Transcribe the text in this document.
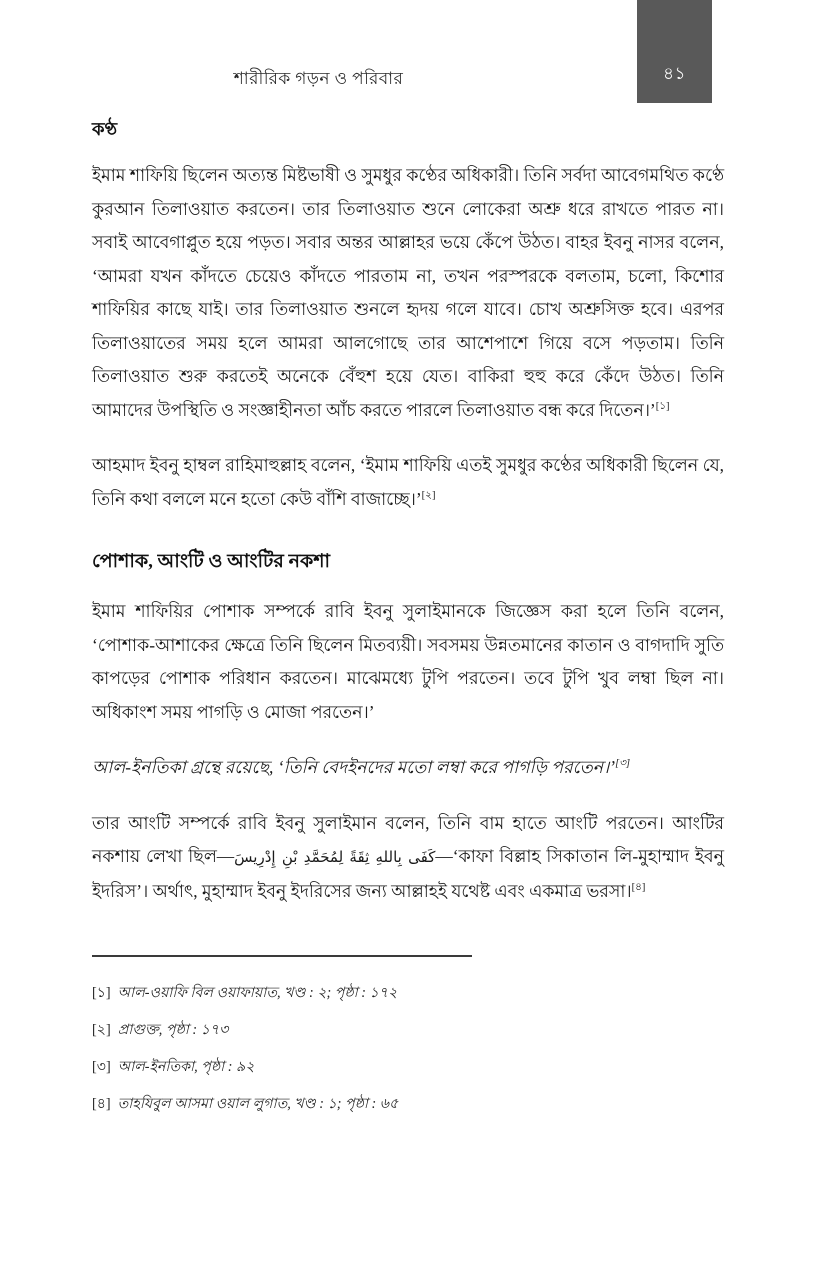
৪১
শারীরিক গড়ন ও পরিবার
কণ্ঠ

ইমাম শাফিয়ি ছিলেন অত্যন্ত মিষ্টভাষী ও সুমধুর কণ্ঠের অধিকারী। তিনি সর্বদা আবেগমথিত কণ্ঠে কুরআন তিলাওয়াত করতেন। তার তিলাওয়াত শুনে লোকেরা অশ্রু ধরে রাখতে পারত না। সবাই আবেগাপ্লুত হয়ে পড়ত। সবার অন্তর আল্লাহর ভয়ে কেঁপে উঠত। বাহর ইবনু নাসর বলেন, ‘আমরা যখন কাঁদতে চেয়েও কাঁদতে পারতাম না, তখন পরস্পরকে বলতাম, চলো, কিশোর শাফিয়ির কাছে যাই। তার তিলাওয়াত শুনলে হৃদয় গলে যাবে। চোখ অশ্রুসিক্ত হবে। এরপর তিলাওয়াতের সময় হলে আমরা আলগোছে তার আশেপাশে গিয়ে বসে পড়তাম। তিনি তিলাওয়াত শুরু করতেই অনেকে বেঁহুশ হয়ে যেত। বাকিরা হুহু করে কেঁদে উঠত। তিনি আমাদের উপস্থিতি ও সংজ্ঞাহীনতা আঁচ করতে পারলে তিলাওয়াত বন্ধ করে দিতেন।’[১]

আহমাদ ইবনু হাম্বল রাহিমাহুল্লাহ বলেন, ‘ইমাম শাফিয়ি এতই সুমধুর কণ্ঠের অধিকারী ছিলেন যে, তিনি কথা বললে মনে হতো কেউ বাঁশি বাজাচ্ছে।’[২]

পোশাক, আংটি ও আংটির নকশা

ইমাম শাফিয়ির পোশাক সম্পর্কে রাবি ইবনু সুলাইমানকে জিজ্ঞেস করা হলে তিনি বলেন, ‘পোশাক-আশাকের ক্ষেত্রে তিনি ছিলেন মিতব্যয়ী। সবসময় উন্নতমানের কাতান ও বাগদাদি সুতি কাপড়ের পোশাক পরিধান করতেন। মাঝেমধ্যে টুপি পরতেন। তবে টুপি খুব লম্বা ছিল না। অধিকাংশ সময় পাগড়ি ও মোজা পরতেন।’

আল-ইনতিকা গ্রন্থে রয়েছে, ‘তিনি বেদইনদের মতো লম্বা করে পাগড়ি পরতেন।’[৩]

তার আংটি সম্পর্কে রাবি ইবনু সুলাইমান বলেন, তিনি বাম হাতে আংটি পরতেন। আংটির নকশায় লেখা ছিল—كَفَى بِاللهِ ثِقَةً لِمُحَمَّدِ بْنِ إِدْرِيسَ—‘কাফা বিল্লাহ সিকাতান লি-মুহাম্মাদ ইবনু ইদরিস’। অর্থাৎ, মুহাম্মাদ ইবনু ইদরিসের জন্য আল্লাহই যথেষ্ট এবং একমাত্র ভরসা।[৪]

[১] আল-ওয়াফি বিল ওয়াফায়াত, খণ্ড : ২; পৃষ্ঠা : ১৭২
[২] প্রাগুক্ত, পৃষ্ঠা : ১৭৩
[৩] আল-ইনতিকা, পৃষ্ঠা : ৯২
[৪] তাহযিবুল আসমা ওয়াল লুগাত, খণ্ড : ১; পৃষ্ঠা : ৬৫
